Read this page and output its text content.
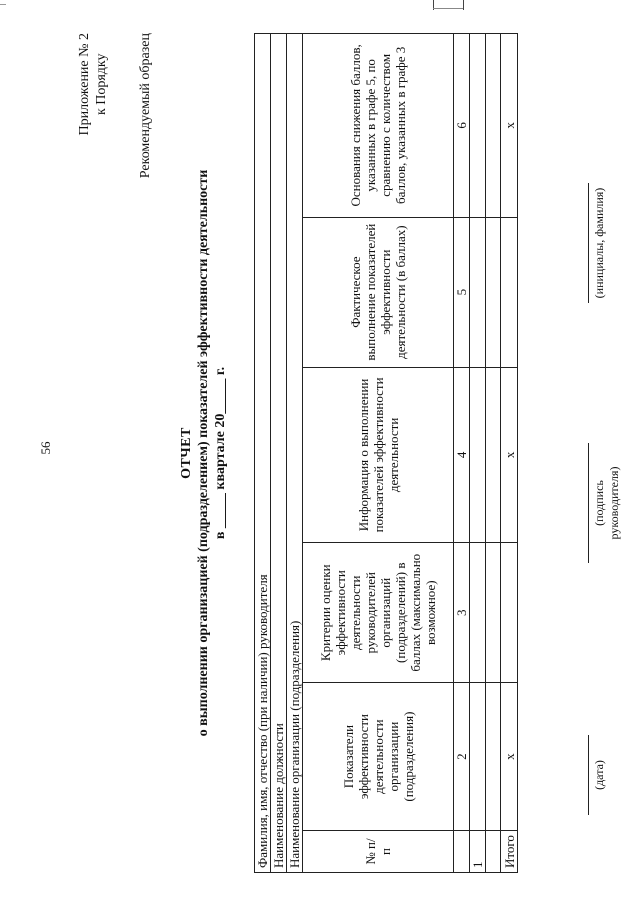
56
Приложение № 2 к Порядку Рекомендуемый образец
ОТЧЕТ о выполнении организацией (подразделением) показателей эффективности деятельности в _____ квартале 20_____ г.
Фамилия, имя, отчество (при наличии) руководителя					
Наименование должности					
Наименование организации (подразделения)					
№ п/п	Показатели эффективности деятельности организации (подразделения)	Критерии оценки эффективности деятельности руководителей организаций (подразделений) в баллах (максимально возможное)	Информация о выполнении показателей эффективности деятельности	Фактическое выполнение показателей эффективности деятельности (в баллах)	Основания снижения баллов, указанных в графе 5, по сравнению с количеством баллов, указанных в графе 3
	2	3	4	5	6
1					

Итого	x		x		x
(дата)
(подпись руководителя)
(инициалы, фамилия)
